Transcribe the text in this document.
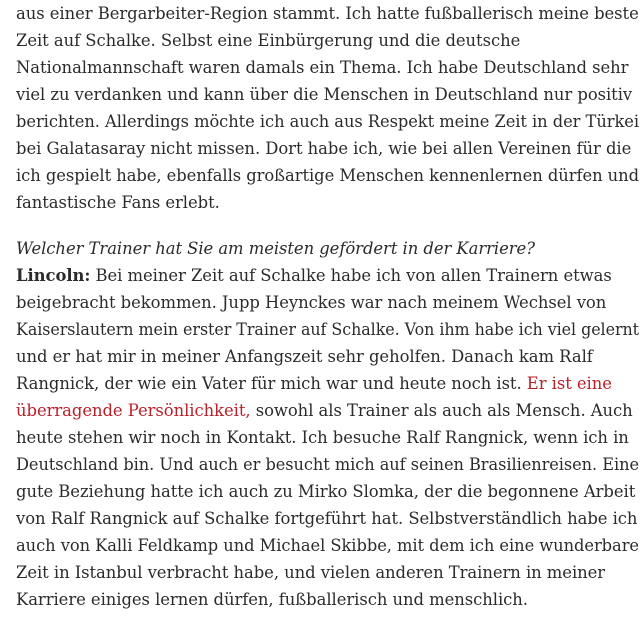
aus einer Bergarbeiter-Region stammt. Ich hatte fußballerisch meine beste
Zeit auf Schalke. Selbst eine Einbürgerung und die deutsche
Nationalmannschaft waren damals ein Thema. Ich habe Deutschland sehr
viel zu verdanken und kann über die Menschen in Deutschland nur positiv
berichten. Allerdings möchte ich auch aus Respekt meine Zeit in der Türkei
bei Galatasaray nicht missen. Dort habe ich, wie bei allen Vereinen für die
ich gespielt habe, ebenfalls großartige Menschen kennenlernen dürfen und
fantastische Fans erlebt.
Welcher Trainer hat Sie am meisten gefördert in der Karriere?
Lincoln: Bei meiner Zeit auf Schalke habe ich von allen Trainern etwas
beigebracht bekommen. Jupp Heynckes war nach meinem Wechsel von
Kaiserslautern mein erster Trainer auf Schalke. Von ihm habe ich viel gelernt
und er hat mir in meiner Anfangszeit sehr geholfen. Danach kam Ralf
Rangnick, der wie ein Vater für mich war und heute noch ist. Er ist eine
überragende Persönlichkeit, sowohl als Trainer als auch als Mensch. Auch
heute stehen wir noch in Kontakt. Ich besuche Ralf Rangnick, wenn ich in
Deutschland bin. Und auch er besucht mich auf seinen Brasilienreisen. Eine
gute Beziehung hatte ich auch zu Mirko Slomka, der die begonnene Arbeit
von Ralf Rangnick auf Schalke fortgeführt hat. Selbstverständlich habe ich
auch von Kalli Feldkamp und Michael Skibbe, mit dem ich eine wunderbare
Zeit in Istanbul verbracht habe, und vielen anderen Trainern in meiner
Karriere einiges lernen dürfen, fußballerisch und menschlich.
